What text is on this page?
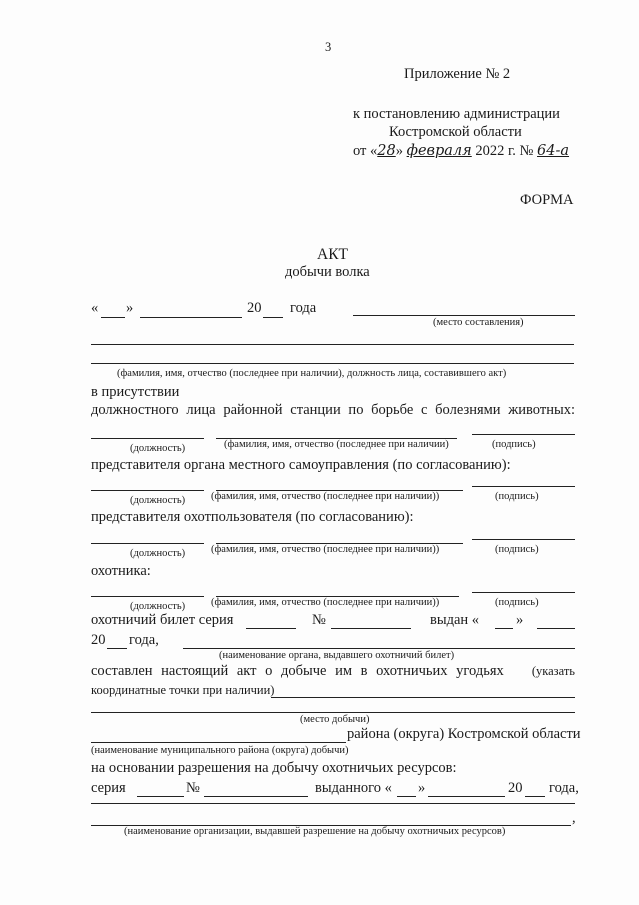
3
Приложение № 2
к постановлению администрации
Костромской области
от «28» февраля 2022 г. № 64-а
ФОРМА
АКТ
добычи волка
« »	20 года
(место составления)
(фамилия, имя, отчество (последнее при наличии), должность лица, составившего акт)
в присутствии
должностного лица районной станции по борьбе с болезнями животных:
(должность)	(фамилия, имя, отчество (последнее при наличии)	(подпись)
представителя органа местного самоуправления (по согласованию):
(должность) (фамилия, имя, отчество (последнее при наличии))	(подпись)
представителя охотпользователя (по согласованию):
(должность) (фамилия, имя, отчество (последнее при наличии))	(подпись)
охотника:
(должность) (фамилия, имя, отчество (последнее при наличии))	(подпись)
охотничий билет серия	№	выдан «	»
20 года,
(наименование органа, выдавшего охотничий билет)
составлен настоящий акт о добыче им в охотничьих угодьях (указать
координатные точки при наличии)
(место добычи)
района (округа) Костромской области
(наименование муниципального района (округа) добычи)
на основании разрешения на добычу охотничьих ресурсов:
серия	№	выданного « »	20 года,
,
(наименование организации, выдавшей разрешение на добычу охотничьих ресурсов)
